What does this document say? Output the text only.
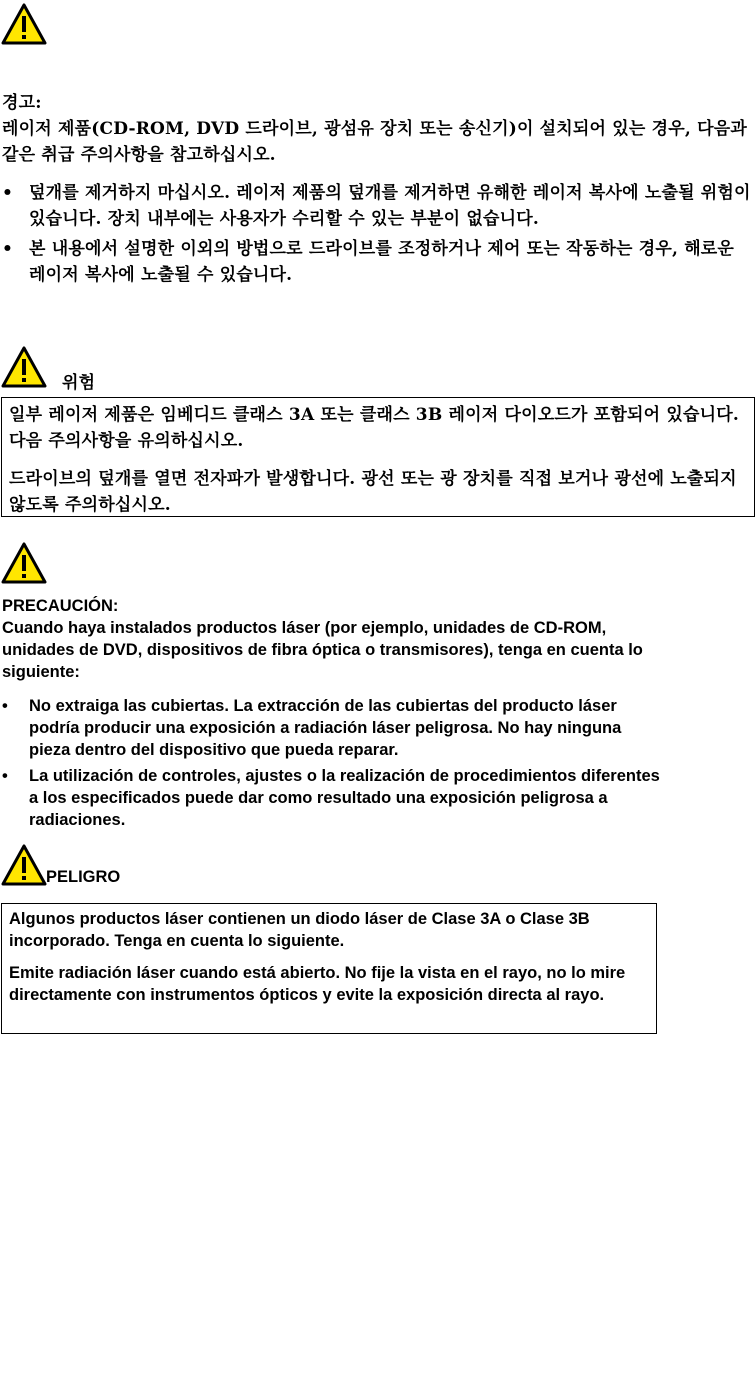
경고:

레이저 제품(CD-ROM, DVD 드라이브, 광섬유 장치 또는 송신기)이 설치되어 있는 경우, 다음과 같은 취급 주의사항을 참고하십시오.

• 덮개를 제거하지 마십시오. 레이저 제품의 덮개를 제거하면 유해한 레이저 복사에 노출될 위험이 있습니다. 장치 내부에는 사용자가 수리할 수 있는 부분이 없습니다.
• 본 내용에서 설명한 이외의 방법으로 드라이브를 조정하거나 제어 또는 작동하는 경우, 해로운 레이저 복사에 노출될 수 있습니다.
위험

일부 레이저 제품은 임베디드 클래스 3A 또는 클래스 3B 레이저 다이오드가 포함되어 있습니다. 다음 주의사항을 유의하십시오.

드라이브의 덮개를 열면 전자파가 발생합니다. 광선 또는 광 장치를 직접 보거나 광선에 노출되지 않도록 주의하십시오.

PRECAUCIÓN:

Cuando haya instalados productos láser (por ejemplo, unidades de CD-ROM, unidades de DVD, dispositivos de fibra óptica o transmisores), tenga en cuenta lo siguiente:

• No extraiga las cubiertas. La extracción de las cubiertas del producto láser podría producir una exposición a radiación láser peligrosa. No hay ninguna pieza dentro del dispositivo que pueda reparar.
• La utilización de controles, ajustes o la realización de procedimientos diferentes a los especificados puede dar como resultado una exposición peligrosa a radiaciones.
PELIGRO

Algunos productos láser contienen un diodo láser de Clase 3A o Clase 3B incorporado. Tenga en cuenta lo siguiente.

Emite radiación láser cuando está abierto. No fije la vista en el rayo, no lo mire directamente con instrumentos ópticos y evite la exposición directa al rayo.
